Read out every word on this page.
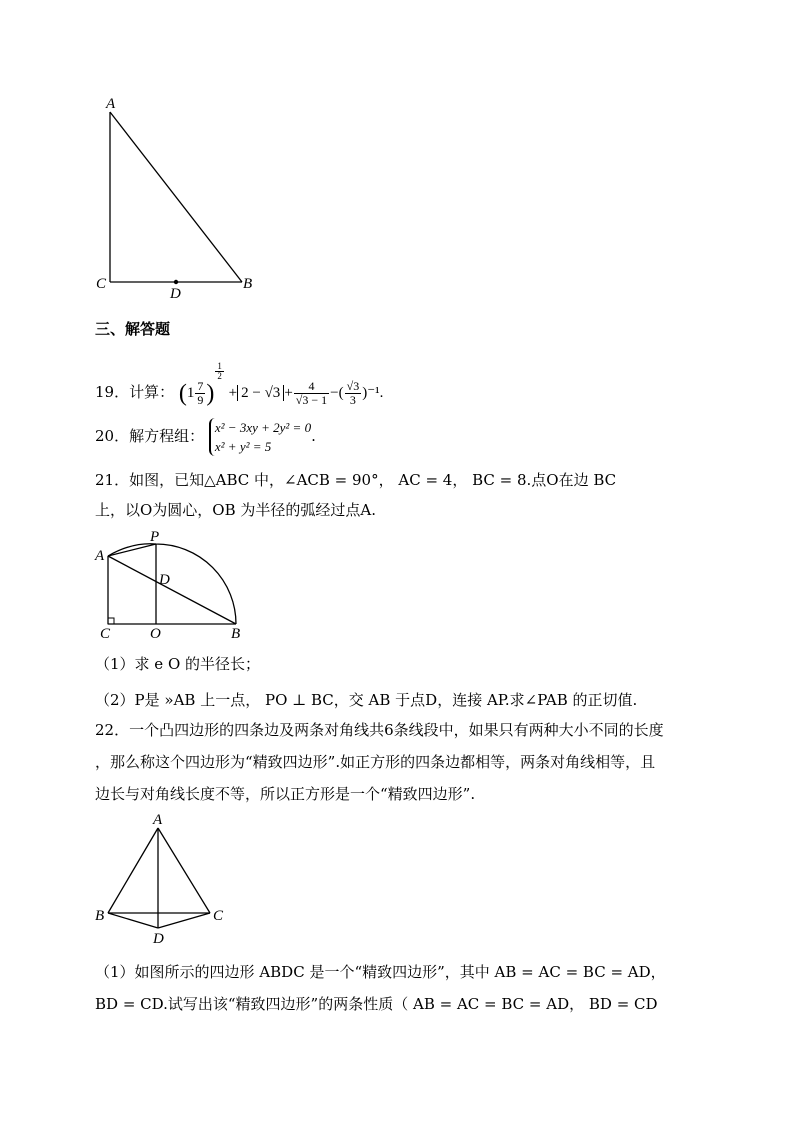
A
C
D
B
三、解答题
19．计算： ($1 \frac{7}{9}$ )
$\frac{1}{2}$
+ $2 - √3 + \frac{4}{√3 - 1}$ −( $\frac{√3}{3} )^{-1}$.
20．解方程组： x² − 3xy + 2y² = 0
x² + y² = 5
.
21．如图，已知△ABC 中，∠ACB = 90°， AC = 4， BC = 8.点O在边 BC
上，以O为圆心，OB 为半径的弧经过点A.
A
P
D
C	O	B
（1）求 e O 的半径长；
（2）P是 »AB 上一点， PO ⊥ BC，交 AB 于点D，连接 AP.求∠PAB 的正切值.
22．一个凸四边形的四条边及两条对角线共6条线段中，如果只有两种大小不同的长度
，那么称这个四边形为“精致四边形”.如正方形的四条边都相等，两条对角线相等，且
边长与对角线长度不等，所以正方形是一个“精致四边形”.
A
B	C
D
（1）如图所示的四边形 ABDC 是一个“精致四边形”，其中 AB = AC = BC = AD，
BD = CD.试写出该“精致四边形”的两条性质（ AB = AC = BC = AD， BD = CD
